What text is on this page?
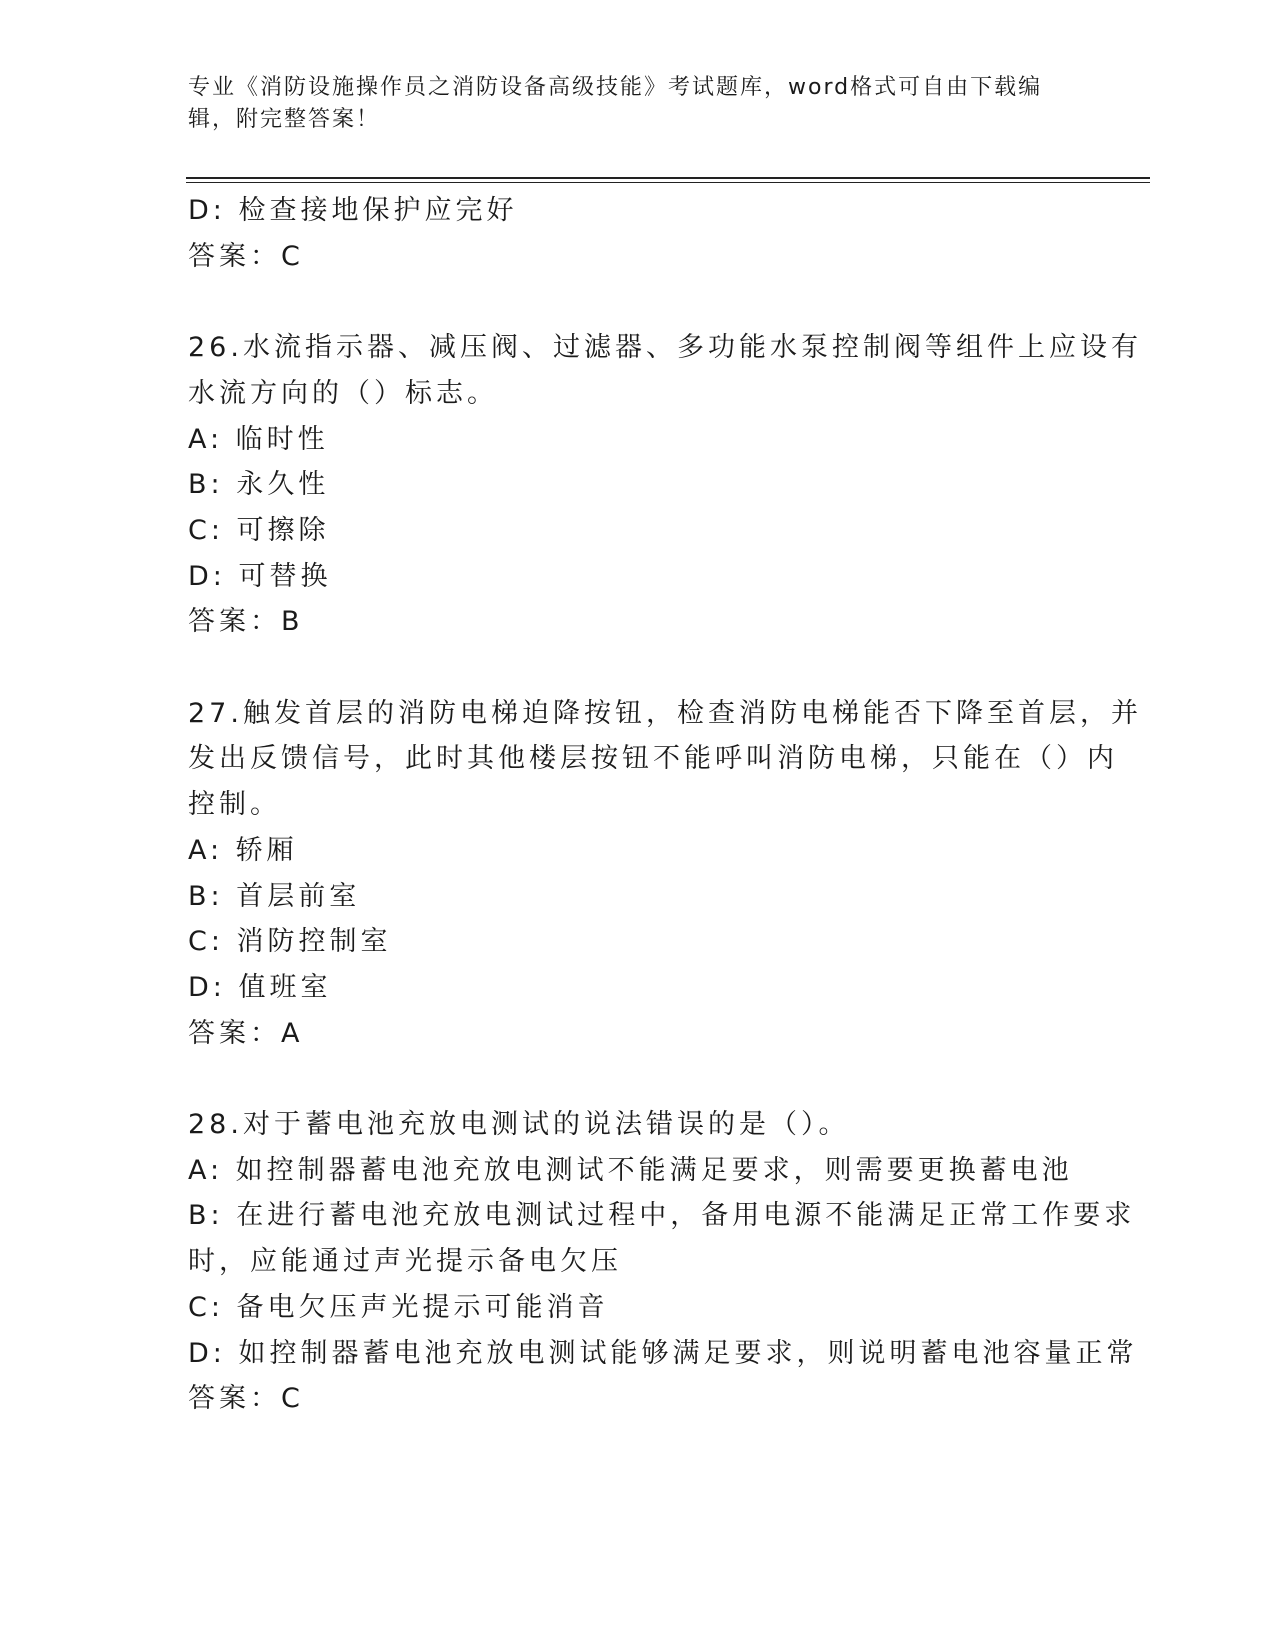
专业《消防设施操作员之消防设备高级技能》考试题库，word格式可自由下载编
辑，附完整答案！

D: 检查接地保护应完好

答案：C

26.水流指示器、减压阀、过滤器、多功能水泵控制阀等组件上应设有

水流方向的（）标志。

A: 临时性

B: 永久性

C: 可擦除

D: 可替换

答案：B

27.触发首层的消防电梯迫降按钮，检查消防电梯能否下降至首层，并

发出反馈信号，此时其他楼层按钮不能呼叫消防电梯，只能在（）内

控制。

A: 轿厢

B: 首层前室

C: 消防控制室

D: 值班室

答案：A

28.对于蓄电池充放电测试的说法错误的是（）。

A: 如控制器蓄电池充放电测试不能满足要求，则需要更换蓄电池

B: 在进行蓄电池充放电测试过程中，备用电源不能满足正常工作要求

时，应能通过声光提示备电欠压

C: 备电欠压声光提示可能消音

D: 如控制器蓄电池充放电测试能够满足要求，则说明蓄电池容量正常

答案：C
